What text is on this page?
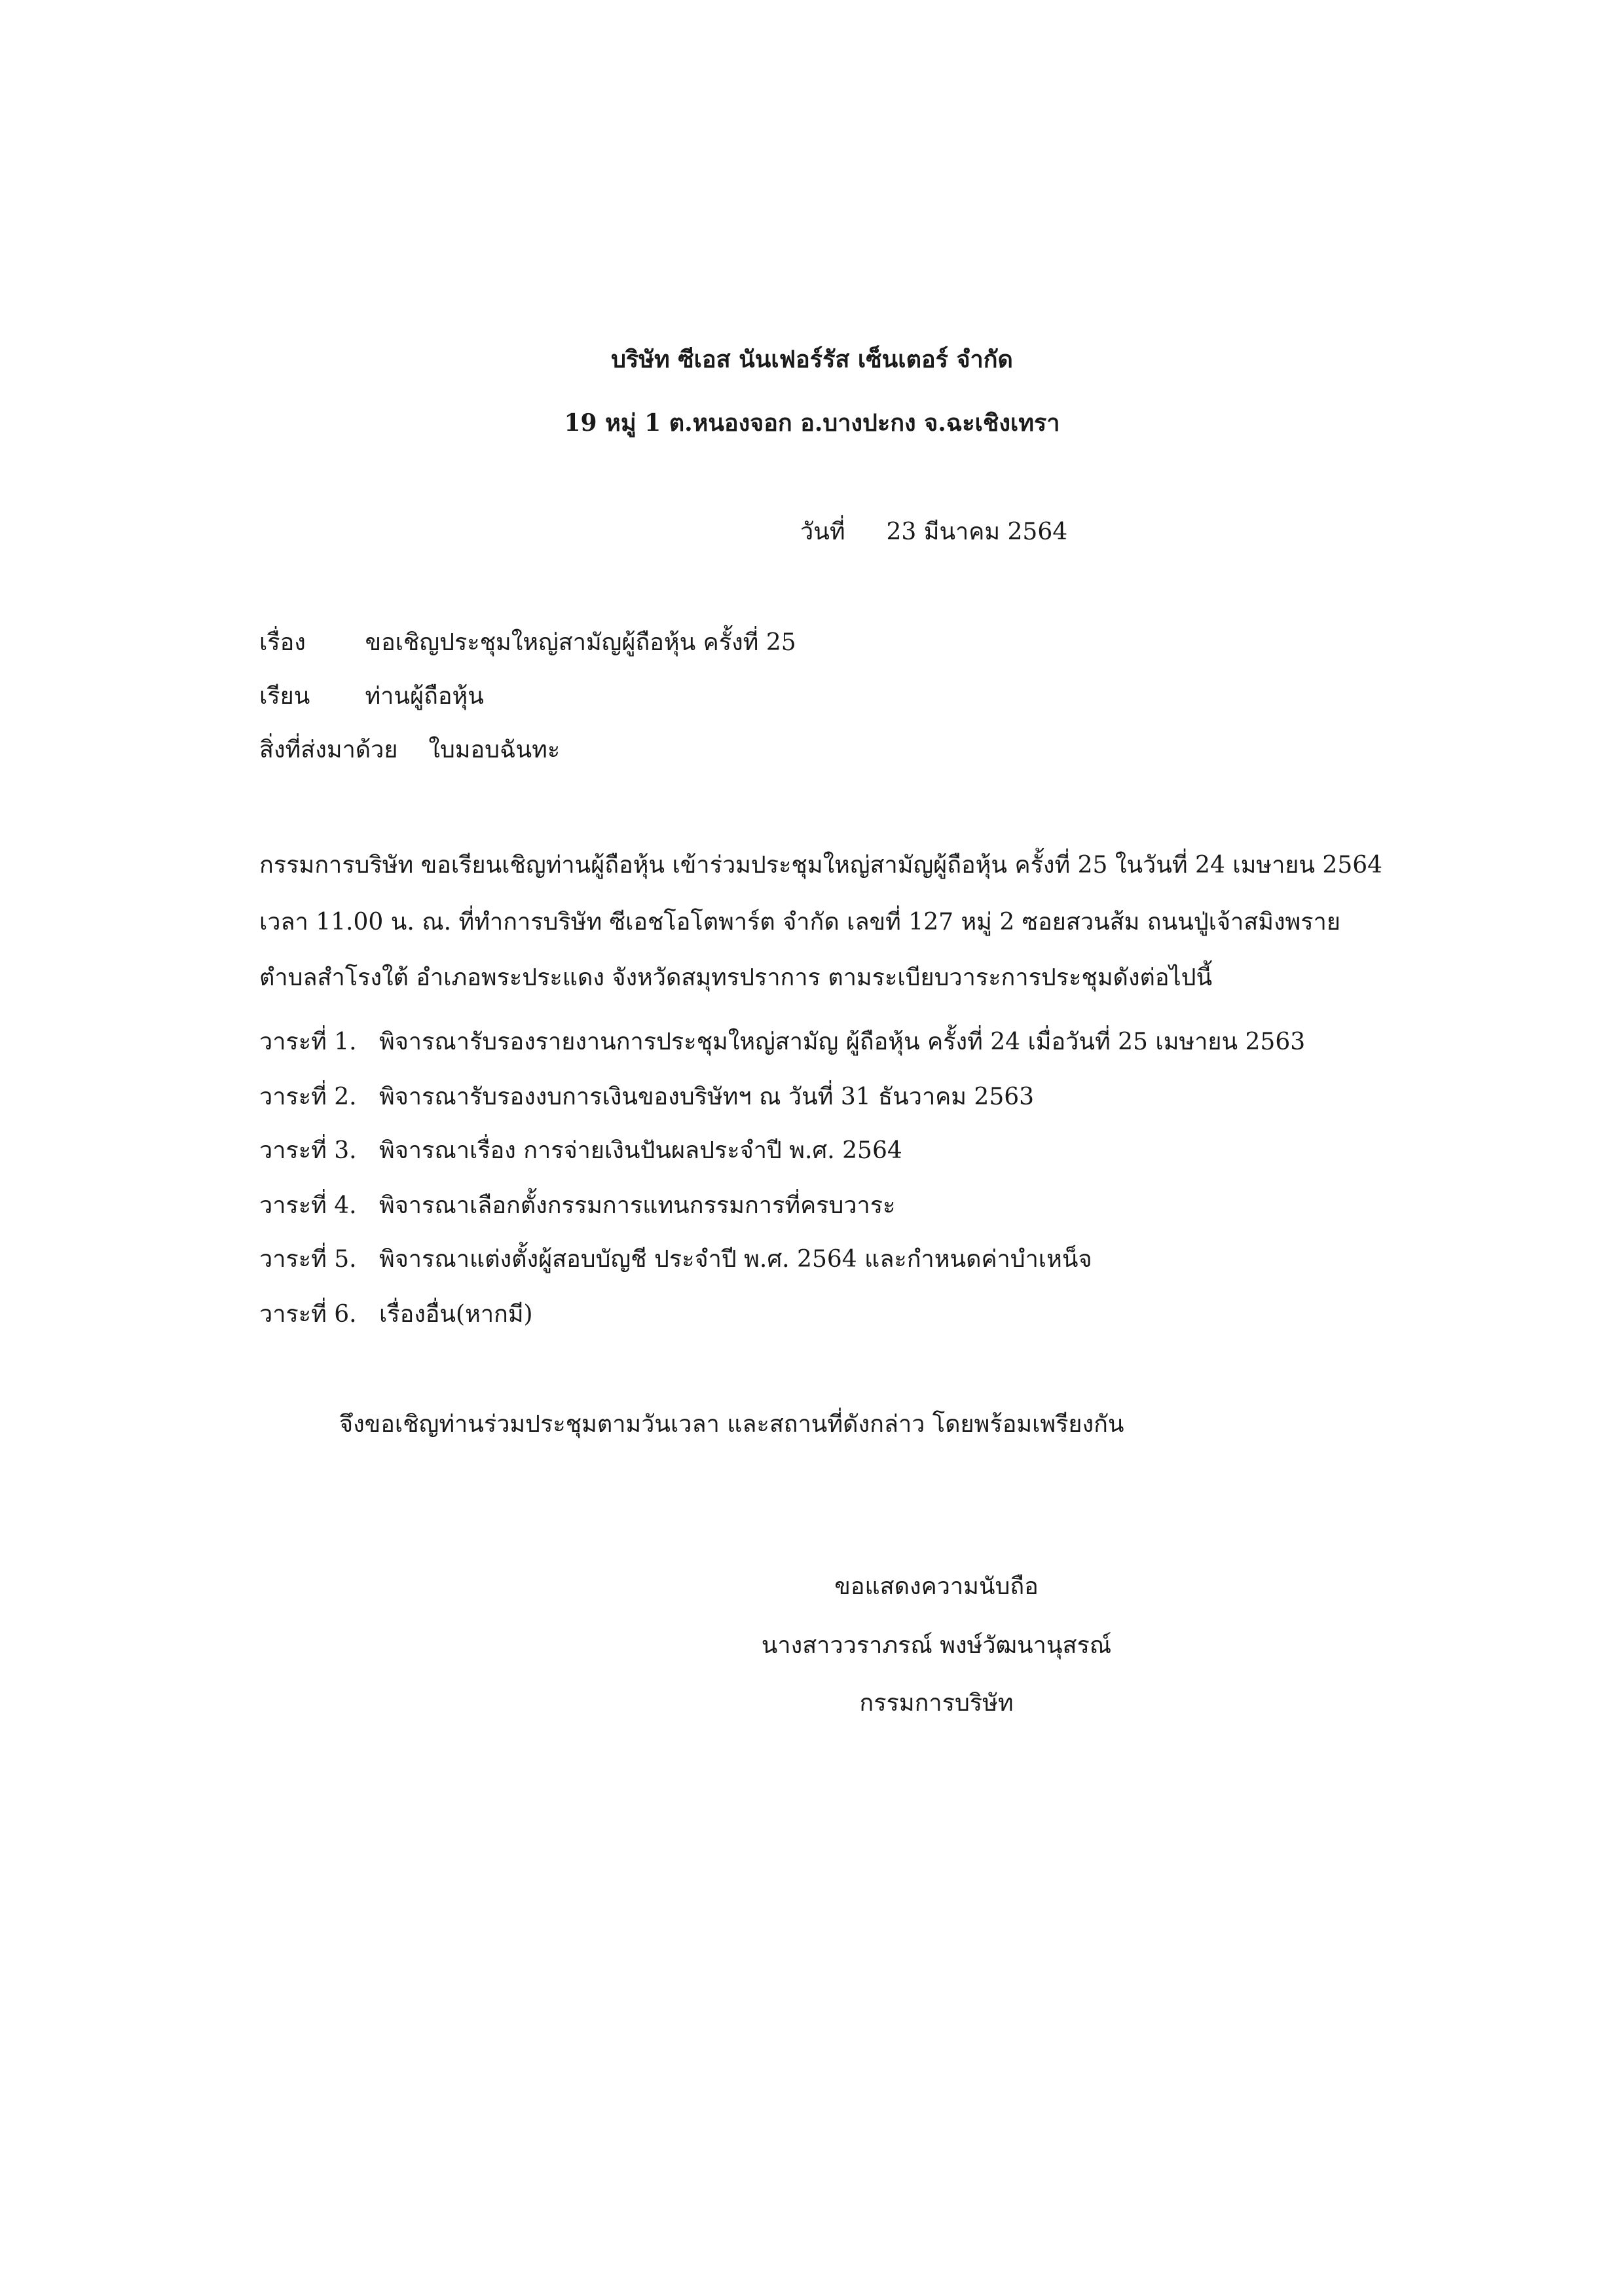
บริษัท ซีเอส นันเฟอร์รัส เซ็นเตอร์ จำกัด
19 หมู่ 1 ต.หนองจอก อ.บางปะกง จ.ฉะเชิงเทรา
วันที่ 23 มีนาคม 2564
เรื่อง	ขอเชิญประชุมใหญ่สามัญผู้ถือหุ้น ครั้งที่ 25
เรียน ท่านผู้ถือหุ้น
สิ่งที่ส่งมาด้วย ใบมอบฉันทะ
กรรมการบริษัท ขอเรียนเชิญท่านผู้ถือหุ้น เข้าร่วมประชุมใหญ่สามัญผู้ถือหุ้น ครั้งที่ 25 ในวันที่ 24 เมษายน 2564
เวลา 11.00 น. ณ. ที่ทำการบริษัท ซีเอชโอโตพาร์ต จำกัด เลขที่ 127 หมู่ 2 ซอยสวนส้ม ถนนปู่เจ้าสมิงพราย
ตำบลสำโรงใต้ อำเภอพระประแดง จังหวัดสมุทรปราการ ตามระเบียบวาระการประชุมดังต่อไปนี้
วาระที่ 1.   พิจารณารับรองรายงานการประชุมใหญ่สามัญ ผู้ถือหุ้น ครั้งที่ 24 เมื่อวันที่ 25 เมษายน 2563
วาระที่ 2.   พิจารณารับรองงบการเงินของบริษัทฯ ณ วันที่ 31 ธันวาคม 2563
วาระที่ 3.   พิจารณาเรื่อง การจ่ายเงินปันผลประจำปี พ.ศ. 2564
วาระที่ 4.   พิจารณาเลือกตั้งกรรมการแทนกรรมการที่ครบวาระ
วาระที่ 5.   พิจารณาแต่งตั้งผู้สอบบัญชี ประจำปี พ.ศ. 2564 และกำหนดค่าบำเหน็จ
วาระที่ 6.   เรื่องอื่น(หากมี)
จึงขอเชิญท่านร่วมประชุมตามวันเวลา และสถานที่ดังกล่าว โดยพร้อมเพรียงกัน
ขอแสดงความนับถือ
นางสาววราภรณ์ พงษ์วัฒนานุสรณ์
กรรมการบริษัท
